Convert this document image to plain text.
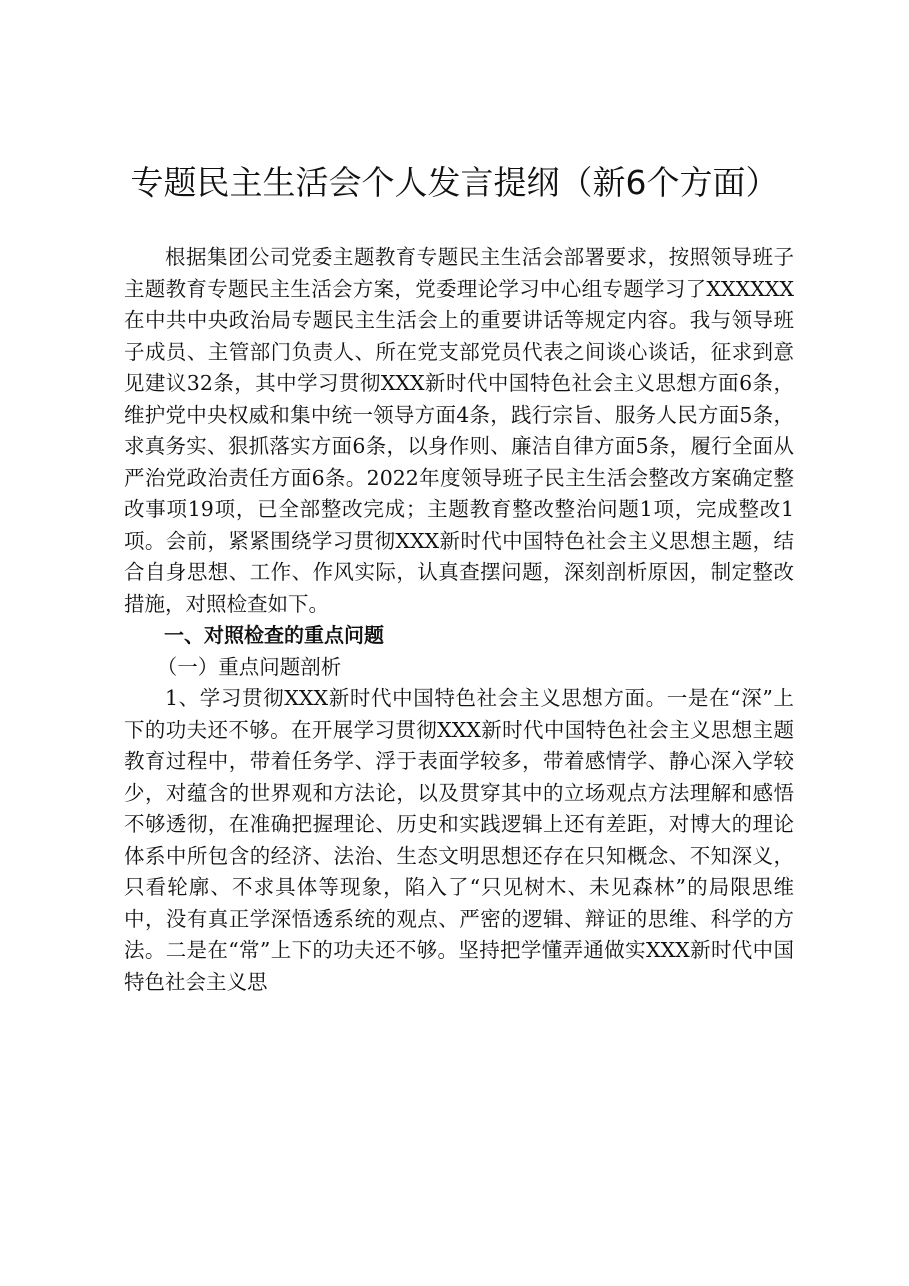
专题民主生活会个人发言提纲（新6个方面）

根据集团公司党委主题教育专题民主生活会部署要求，按照领导班子主题教育专题民主生活会方案，党委理论学习中心组专题学习了XXXXXX在中共中央政治局专题民主生活会上的重要讲话等规定内容。我与领导班子成员、主管部门负责人、所在党支部党员代表之间谈心谈话，征求到意见建议32条，其中学习贯彻XXX新时代中国特色社会主义思想方面6条，维护党中央权威和集中统一领导方面4条，践行宗旨、服务人民方面5条，求真务实、狠抓落实方面6条，以身作则、廉洁自律方面5条，履行全面从严治党政治责任方面6条。2022年度领导班子民主生活会整改方案确定整改事项19项，已全部整改完成；主题教育整改整治问题1项，完成整改1项。会前，紧紧围绕学习贯彻XXX新时代中国特色社会主义思想主题，结合自身思想、工作、作风实际，认真查摆问题，深刻剖析原因，制定整改措施，对照检查如下。

一、对照检查的重点问题

（一）重点问题剖析

1、学习贯彻XXX新时代中国特色社会主义思想方面。一是在“深”上下的功夫还不够。在开展学习贯彻XXX新时代中国特色社会主义思想主题教育过程中，带着任务学、浮于表面学较多，带着感情学、静心深入学较少，对蕴含的世界观和方法论，以及贯穿其中的立场观点方法理解和感悟不够透彻，在准确把握理论、历史和实践逻辑上还有差距，对博大的理论体系中所包含的经济、法治、生态文明思想还存在只知概念、不知深义，只看轮廓、不求具体等现象，陷入了“只见树木、未见森林”的局限思维中，没有真正学深悟透系统的观点、严密的逻辑、辩证的思维、科学的方法。二是在“常”上下的功夫还不够。坚持把学懂弄通做实XXX新时代中国特色社会主义思
